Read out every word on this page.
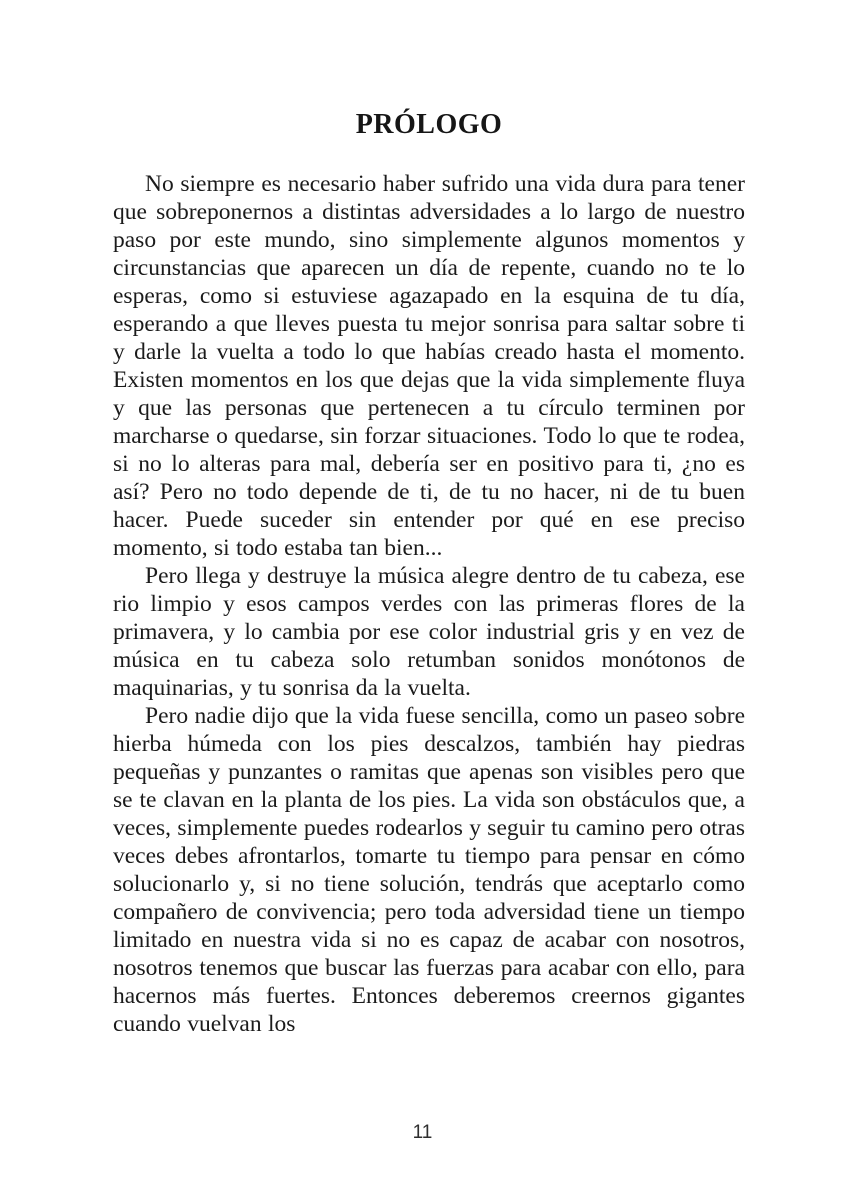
PRÓLOGO

No siempre es necesario haber sufrido una vida dura para tener que sobreponernos a distintas adversidades a lo largo de nuestro paso por este mundo, sino simplemente algunos momentos y circunstancias que aparecen un día de repente, cuando no te lo esperas, como si estuviese agazapado en la esquina de tu día, esperando a que lleves puesta tu mejor sonrisa para saltar sobre ti y darle la vuelta a todo lo que habías creado hasta el momento. Existen momentos en los que dejas que la vida simplemente fluya y que las personas que pertenecen a tu círculo terminen por marcharse o quedarse, sin forzar situaciones. Todo lo que te rodea, si no lo alteras para mal, debería ser en positivo para ti, ¿no es así? Pero no todo depende de ti, de tu no hacer, ni de tu buen hacer. Puede suceder sin entender por qué en ese preciso momento, si todo estaba tan bien...

Pero llega y destruye la música alegre dentro de tu cabeza, ese rio limpio y esos campos verdes con las primeras flores de la primavera, y lo cambia por ese color industrial gris y en vez de música en tu cabeza solo retumban sonidos monótonos de maquinarias, y tu sonrisa da la vuelta.

Pero nadie dijo que la vida fuese sencilla, como un paseo sobre hierba húmeda con los pies descalzos, también hay piedras pequeñas y punzantes o ramitas que apenas son visibles pero que se te clavan en la planta de los pies. La vida son obstáculos que, a veces, simplemente puedes rodearlos y seguir tu camino pero otras veces debes afrontarlos, tomarte tu tiempo para pensar en cómo solucionarlo y, si no tiene solución, tendrás que aceptarlo como compañero de convivencia; pero toda adversidad tiene un tiempo limitado en nuestra vida si no es capaz de acabar con nosotros, nosotros tenemos que buscar las fuerzas para acabar con ello, para hacernos más fuertes. Entonces deberemos creernos gigantes cuando vuelvan los

11
